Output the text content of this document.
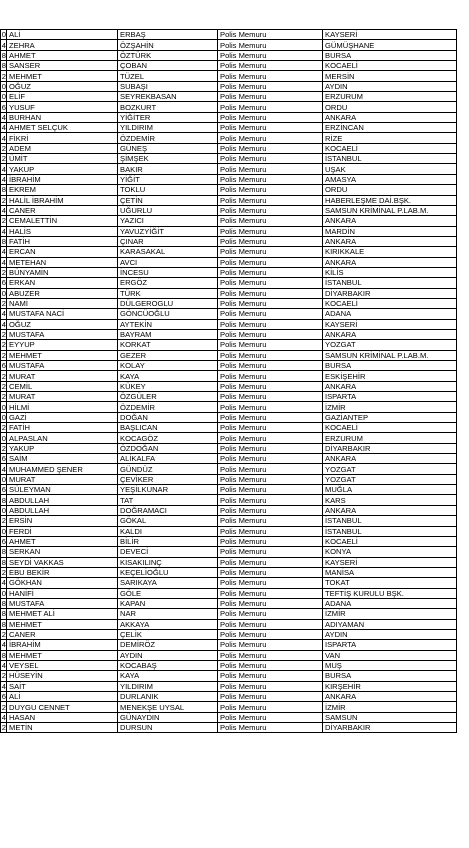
0	ALİ	ERBAŞ	Polis Memuru	KAYSERİ
4	ZEHRA	ÖZŞAHİN	Polis Memuru	GÜMÜŞHANE
8	AHMET	ÖZTÜRK	Polis Memuru	BURSA
8	SANSER	ÇOBAN	Polis Memuru	KOCAELİ
2	MEHMET	TÜZEL	Polis Memuru	MERSİN
0	OĞUZ	SUBAŞI	Polis Memuru	AYDIN
0	ELİF	SEYREKBASAN	Polis Memuru	ERZURUM
6	YUSUF	BOZKURT	Polis Memuru	ORDU
4	BURHAN	YİĞİTER	Polis Memuru	ANKARA
4	AHMET SELÇUK	YILDIRIM	Polis Memuru	ERZİNCAN
4	FİKRİ	ÖZDEMİR	Polis Memuru	RİZE
2	ADEM	GÜNEŞ	Polis Memuru	KOCAELİ
2	ÜMİT	ŞİMŞEK	Polis Memuru	İSTANBUL
4	YAKUP	BAKIR	Polis Memuru	UŞAK
4	İBRAHİM	YİĞİT	Polis Memuru	AMASYA
8	EKREM	TOKLU	Polis Memuru	ORDU
2	HALİL İBRAHİM	ÇETİN	Polis Memuru	HABERLEŞME DAİ.BŞK.
4	CANER	UĞURLU	Polis Memuru	SAMSUN KRİMİNAL P.LAB.M.
2	CEMALETTİN	YAZICI	Polis Memuru	ANKARA
4	HALİS	YAVUZYİĞİT	Polis Memuru	MARDİN
8	FATİH	ÇINAR	Polis Memuru	ANKARA
4	ERCAN	KARASAKAL	Polis Memuru	KIRIKKALE
4	METEHAN	AVCI	Polis Memuru	ANKARA
2	BÜNYAMİN	İNCESU	Polis Memuru	KİLİS
6	ERKAN	ERGÖZ	Polis Memuru	İSTANBUL
0	ABUZER	TÜRK	Polis Memuru	DİYARBAKIR
2	NAMİ	DÜLGEROGLU	Polis Memuru	KOCAELİ
4	MUSTAFA NACİ	GÖNCÜOĞLU	Polis Memuru	ADANA
4	OĞUZ	AYTEKİN	Polis Memuru	KAYSERİ
2	MUSTAFA	BAYRAM	Polis Memuru	ANKARA
2	EYYUP	KORKAT	Polis Memuru	YOZGAT
2	MEHMET	GEZER	Polis Memuru	SAMSUN KRİMİNAL P.LAB.M.
6	MUSTAFA	KOLAY	Polis Memuru	BURSA
2	MURAT	KAYA	Polis Memuru	ESKİŞEHİR
2	CEMİL	KÜKEY	Polis Memuru	ANKARA
2	MURAT	ÖZGÜLER	Polis Memuru	ISPARTA
0	HİLMİ	ÖZDEMİR	Polis Memuru	İZMİR
0	GAZİ	DOĞAN	Polis Memuru	GAZİANTEP
2	FATİH	BAŞLICAN	Polis Memuru	KOCAELİ
0	ALPASLAN	KOCAGÖZ	Polis Memuru	ERZURUM
2	YAKUP	ÖZDOĞAN	Polis Memuru	DİYARBAKIR
6	SAİM	ALİKALFA	Polis Memuru	ANKARA
4	MUHAMMED ŞENER	GÜNDÜZ	Polis Memuru	YOZGAT
0	MURAT	ÇEVİKER	Polis Memuru	YOZGAT
6	SÜLEYMAN	YEŞİLKUNAR	Polis Memuru	MUĞLA
8	ABDULLAH	TAT	Polis Memuru	KARS
0	ABDULLAH	DOĞRAMACI	Polis Memuru	ANKARA
2	ERSİN	GÖKAL	Polis Memuru	İSTANBUL
0	FERDİ	KALDI	Polis Memuru	İSTANBUL
6	AHMET	BİLİR	Polis Memuru	KOCAELİ
8	SERKAN	DEVECİ	Polis Memuru	KONYA
8	SEYDİ VAKKAS	KISAKILINÇ	Polis Memuru	KAYSERİ
2	EBU BEKİR	KEÇELİOĞLU	Polis Memuru	MANİSA
4	GÖKHAN	SARIKAYA	Polis Memuru	TOKAT
0	HANİFİ	GÖLE	Polis Memuru	TEFTİŞ KURULU BŞK.
8	MUSTAFA	KAPAN	Polis Memuru	ADANA
8	MEHMET ALİ	NAR	Polis Memuru	İZMİR
8	MEHMET	AKKAYA	Polis Memuru	ADIYAMAN
2	CANER	ÇELİK	Polis Memuru	AYDIN
4	İBRAHİM	DEMİRÖZ	Polis Memuru	ISPARTA
8	MEHMET	AYDIN	Polis Memuru	VAN
4	VEYSEL	KOCABAŞ	Polis Memuru	MUŞ
2	HÜSEYİN	KAYA	Polis Memuru	BURSA
4	SAİT	YILDIRIM	Polis Memuru	KIRŞEHİR
6	ALİ	DURLANIK	Polis Memuru	ANKARA
2	DUYGU CENNET	MENEKŞE UYSAL	Polis Memuru	İZMİR
4	HASAN	GÜNAYDIN	Polis Memuru	SAMSUN
2	METİN	DURSUN	Polis Memuru	DİYARBAKIR
